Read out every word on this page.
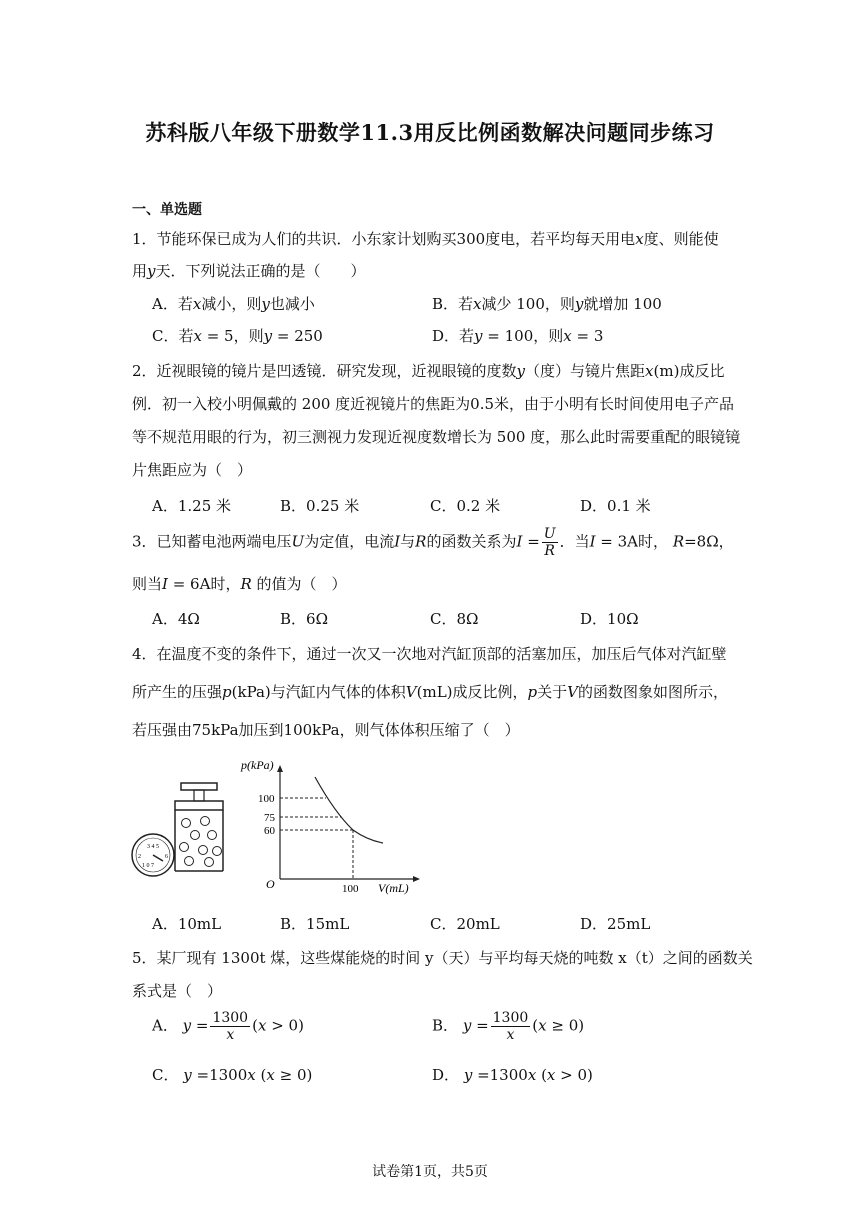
苏科版八年级下册数学11.3用反比例函数解决问题同步练习
一、单选题
1．节能环保已成为人们的共识．小东家计划购买300度电，若平均每天用电x度、则能使
用y天．下列说法正确的是（　　）
A．若x减小，则y也减小	B．若x减少 100，则y就增加 100
C．若x = 5，则y = 250	D．若y = 100，则x = 3
2．近视眼镜的镜片是凹透镜．研究发现，近视眼镜的度数y（度）与镜片焦距x(m)成反比
例．初一入校小明佩戴的 200 度近视镜片的焦距为0.5米，由于小明有长时间使用电子产品
等不规范用眼的行为，初三测视力发现近视度数增长为 500 度，那么此时需要重配的眼镜镜
片焦距应为（　）
A．1.25 米	B．0.25 米	C．0.2 米	D．0.1 米
3．已知蓄电池两端电压U为定值，电流I与R的函数关系为$I = \frac{U}{R}$ ．当I = 3A时， R=8Ω，
则当I = 6A时，R 的值为（　）
A．4Ω	B．6Ω	C．8Ω	D．10Ω
4．在温度不变的条件下，通过一次又一次地对汽缸顶部的活塞加压，加压后气体对汽缸壁
所产生的压强p(kPa)与汽缸内气体的体积V(mL)成反比例，p关于V的函数图象如图所示，
若压强由75kPa加压到100kPa，则气体体积压缩了（　）
3 4 5
2	6
1 0 7
p(kPa)
V(mL)
O
100
75
60
100
A．10mL	B．15mL	C．20mL	D．25mL
5．某厂现有 1300t 煤，这些煤能烧的时间 y（天）与平均每天烧的吨数 x（t）之间的函数关
系式是（　）
A． $y = \frac{1300}{x} (x > 0)$	B． $y = \frac{1300}{x} (x \ge 0)$
C． y =1300x (x ≥ 0)	D． y =1300x (x > 0)
试卷第1页，共5页
